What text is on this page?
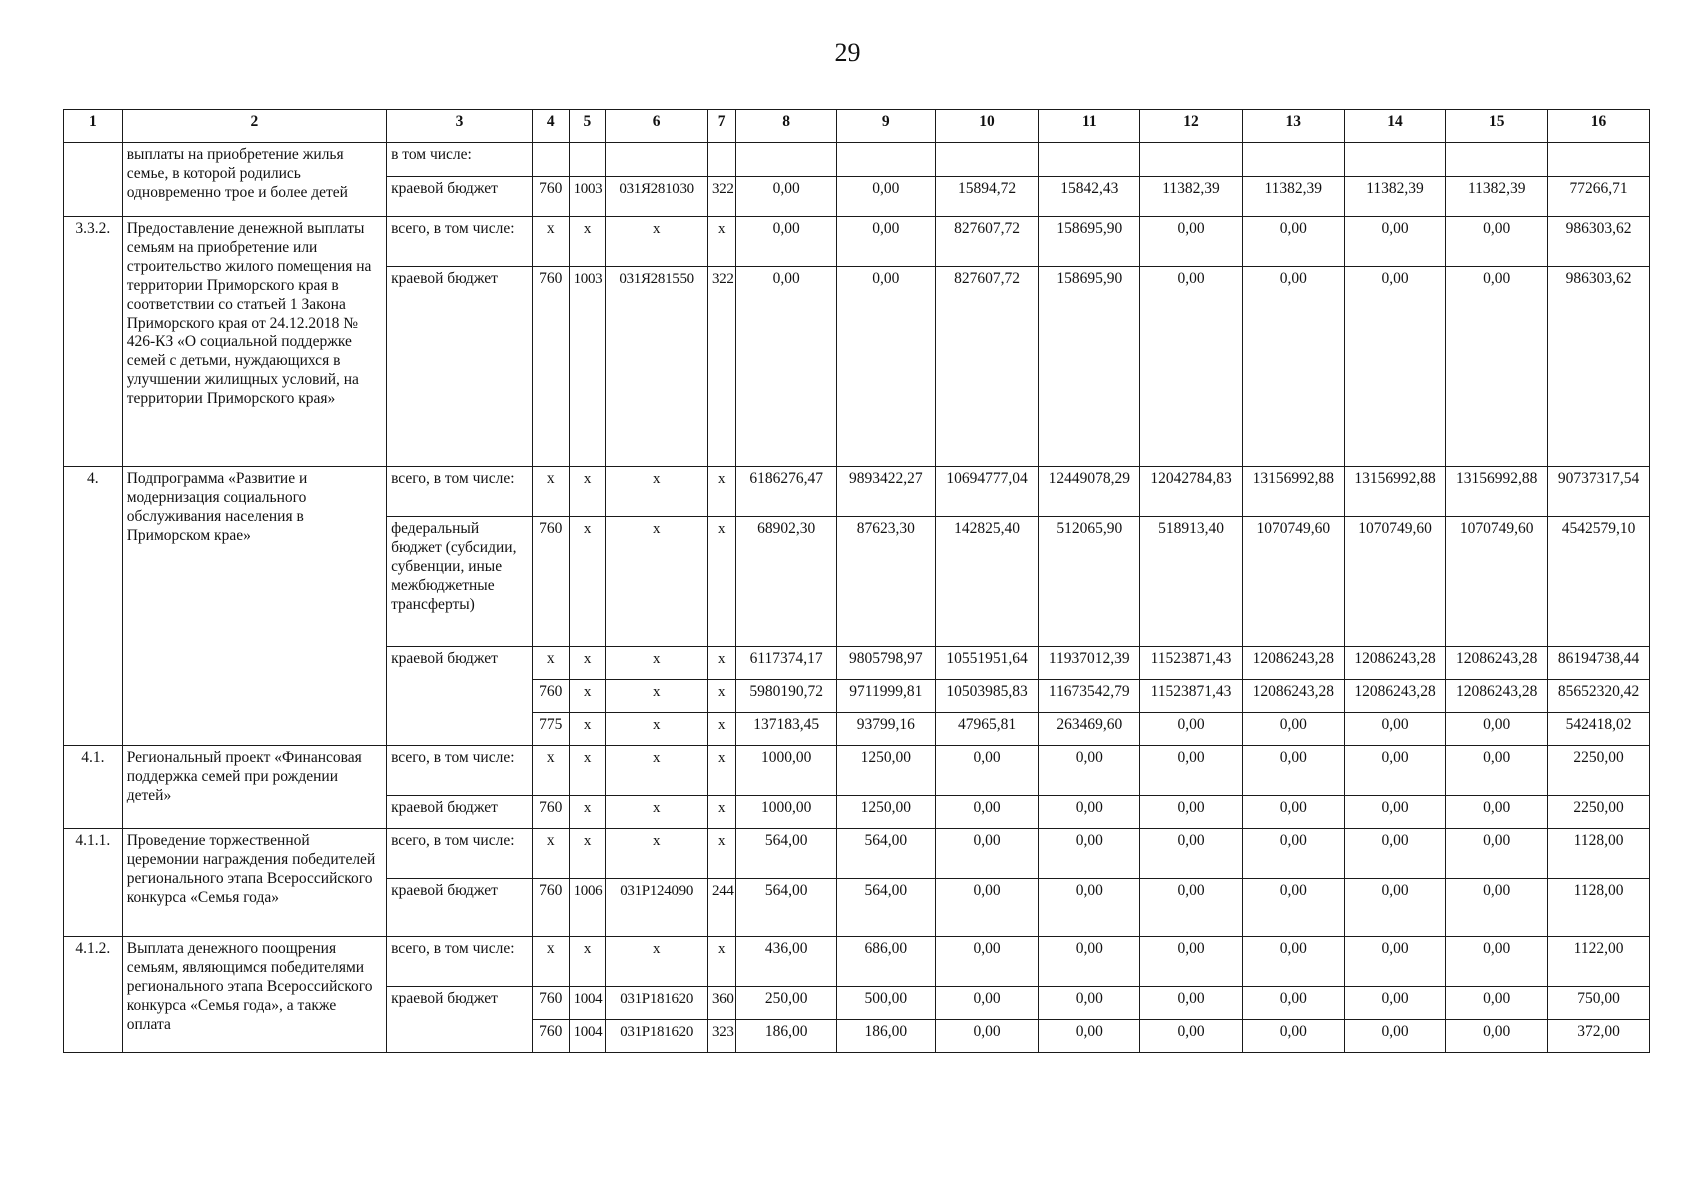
29
1	2	3	4	5	6	7	8	9	10	11	12	13	14	15	16
	выплаты на приобретение жилья семье, в которой родились одновременно трое и более детей	в том числе:													
		краевой бюджет	760	1003	031Я281030	322	0,00	0,00	15894,72	15842,43	11382,39	11382,39	11382,39	11382,39	77266,71
3.3.2.	Предоставление денежной выплаты семьям на приобретение или строительство жилого помещения на территории Приморского края в соответствии со статьей 1 Закона Приморского края от 24.12.2018 № 426-КЗ «О социальной поддержке семей с детьми, нуждающихся в улучшении жилищных условий, на территории Приморского края»	всего, в том числе:	x	x	x	x	0,00	0,00	827607,72	158695,90	0,00	0,00	0,00	0,00	986303,62
		краевой бюджет	760	1003	031Я281550	322	0,00	0,00	827607,72	158695,90	0,00	0,00	0,00	0,00	986303,62
4.	Подпрограмма «Развитие и модернизация социального обслуживания населения в Приморском крае»	всего, в том числе:	x	x	x	x	6186276,47	9893422,27	10694777,04	12449078,29	12042784,83	13156992,88	13156992,88	13156992,88	90737317,54
		федеральный бюджет (субсидии, субвенции, иные межбюджетные трансферты)	760	x	x	x	68902,30	87623,30	142825,40	512065,90	518913,40	1070749,60	1070749,60	1070749,60	4542579,10
		краевой бюджет	x	x	x	x	6117374,17	9805798,97	10551951,64	11937012,39	11523871,43	12086243,28	12086243,28	12086243,28	86194738,44
			760	x	x	x	5980190,72	9711999,81	10503985,83	11673542,79	11523871,43	12086243,28	12086243,28	12086243,28	85652320,42
			775	x	x	x	137183,45	93799,16	47965,81	263469,60	0,00	0,00	0,00	0,00	542418,02
4.1.	Региональный проект «Финансовая поддержка семей при рождении детей»	всего, в том числе:	x	x	x	x	1000,00	1250,00	0,00	0,00	0,00	0,00	0,00	0,00	2250,00
		краевой бюджет	760	x	x	x	1000,00	1250,00	0,00	0,00	0,00	0,00	0,00	0,00	2250,00
4.1.1.	Проведение торжественной церемонии награждения победителей регионального этапа Всероссийского конкурса «Семья года»	всего, в том числе:	x	x	x	x	564,00	564,00	0,00	0,00	0,00	0,00	0,00	0,00	1128,00
		краевой бюджет	760	1006	031P124090	244	564,00	564,00	0,00	0,00	0,00	0,00	0,00	0,00	1128,00
4.1.2.	Выплата денежного поощрения семьям, являющимся победителями регионального этапа Всероссийского конкурса «Семья года», а также оплата	всего, в том числе:	x	x	x	x	436,00	686,00	0,00	0,00	0,00	0,00	0,00	0,00	1122,00
		краевой бюджет	760	1004	031P181620	360	250,00	500,00	0,00	0,00	0,00	0,00	0,00	0,00	750,00
			760	1004	031P181620	323	186,00	186,00	0,00	0,00	0,00	0,00	0,00	0,00	372,00
